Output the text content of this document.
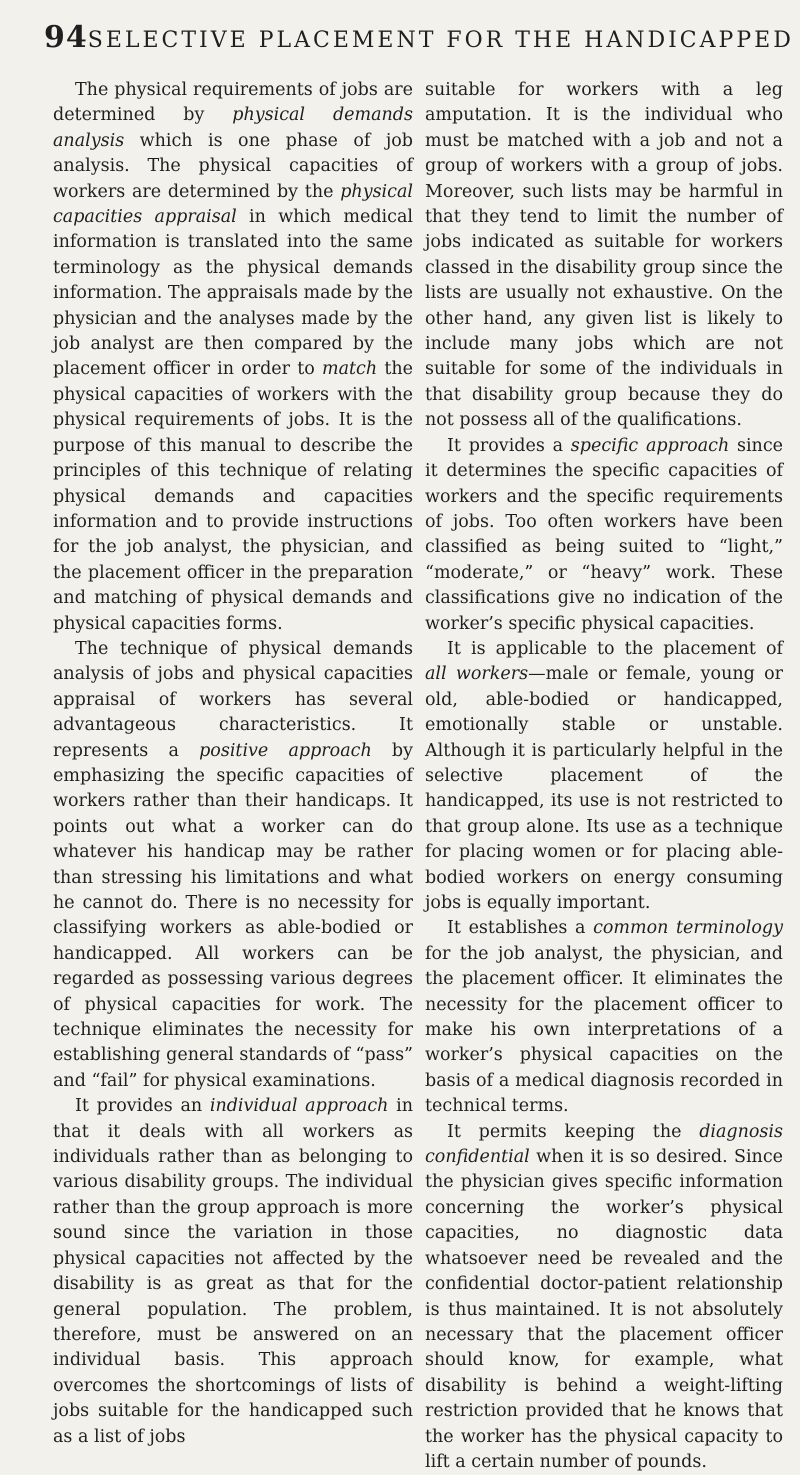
94 SELECTIVE PLACEMENT FOR THE HANDICAPPED

The physical requirements of jobs are determined by physical demands analysis which is one phase of job analysis. The physical capacities of workers are determined by the physical capacities appraisal in which medical information is translated into the same terminology as the physical demands information. The appraisals made by the physician and the analyses made by the job analyst are then compared by the placement officer in order to match the physical capacities of workers with the physical requirements of jobs. It is the purpose of this manual to describe the principles of this technique of relating physical demands and capacities information and to provide instructions for the job analyst, the physician, and the placement officer in the preparation and matching of physical demands and physical capacities forms.

The technique of physical demands analysis of jobs and physical capacities appraisal of workers has several advantageous characteristics. It represents a positive approach by emphasizing the specific capacities of workers rather than their handicaps. It points out what a worker can do whatever his handicap may be rather than stressing his limitations and what he cannot do. There is no necessity for classifying workers as able-bodied or handicapped. All workers can be regarded as possessing various degrees of physical capacities for work. The technique eliminates the necessity for establishing general standards of “pass” and “fail” for physical examinations.

It provides an individual approach in that it deals with all workers as individuals rather than as belonging to various disability groups. The individual rather than the group approach is more sound since the variation in those physical capacities not affected by the disability is as great as that for the general population. The problem, therefore, must be answered on an individual basis. This approach overcomes the shortcomings of lists of jobs suitable for the handicapped such as a list of jobs

suitable for workers with a leg amputation. It is the individual who must be matched with a job and not a group of workers with a group of jobs. Moreover, such lists may be harmful in that they tend to limit the number of jobs indicated as suitable for workers classed in the disability group since the lists are usually not exhaustive. On the other hand, any given list is likely to include many jobs which are not suitable for some of the individuals in that disability group because they do not possess all of the qualifications.

It provides a specific approach since it determines the specific capacities of workers and the specific requirements of jobs. Too often workers have been classified as being suited to “light,” “moderate,” or “heavy” work. These classifications give no indication of the worker’s specific physical capacities.

It is applicable to the placement of all workers—male or female, young or old, able-bodied or handicapped, emotionally stable or unstable. Although it is particularly helpful in the selective placement of the handicapped, its use is not restricted to that group alone. Its use as a technique for placing women or for placing able-bodied workers on energy consuming jobs is equally important.

It establishes a common terminology for the job analyst, the physician, and the placement officer. It eliminates the necessity for the placement officer to make his own interpretations of a worker’s physical capacities on the basis of a medical diagnosis recorded in technical terms.

It permits keeping the diagnosis confidential when it is so desired. Since the physician gives specific information concerning the worker’s physical capacities, no diagnostic data whatsoever need be revealed and the confidential doctor-patient relationship is thus maintained. It is not absolutely necessary that the placement officer should know, for example, what disability is behind a weight-lifting restriction provided that he knows that the worker has the physical capacity to lift a certain number of pounds.
